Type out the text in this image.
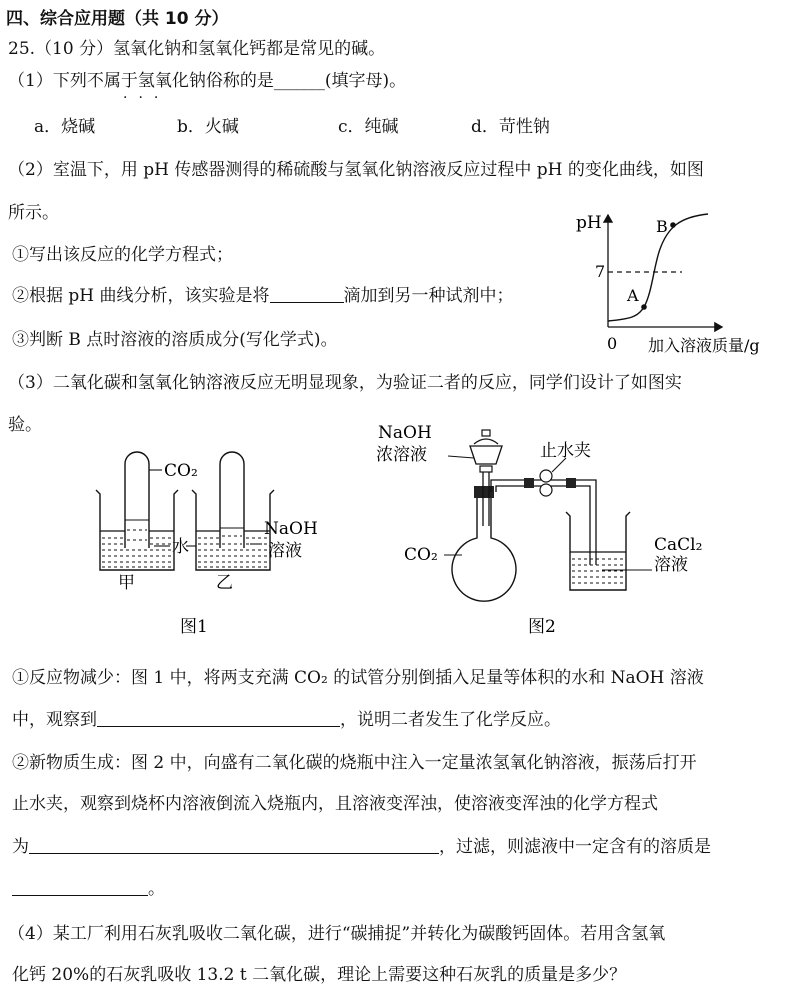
四、综合应用题（共 10 分）
25.（10 分）氢氧化钠和氢氧化钙都是常见的碱。
（1）下列不属于氢氧化钠俗称的是______(填字母)。
···
a．烧碱	b．火碱	c．纯碱	d．苛性钠
（2）室温下，用 pH 传感器测得的稀硫酸与氢氧化钠溶液反应过程中 pH 的变化曲线，如图
所示。
①写出该反应的化学方程式；
②根据 pH 曲线分析，该实验是将	滴加到另一种试剂中；
③判断 B 点时溶液的溶质成分(写化学式)。
pH
0 加入溶液质量/g
7
A
B
（3）二氧化碳和氢氧化钠溶液反应无明显现象，为验证二者的反应，同学们设计了如图实
验。
CO₂
水
NaOH
溶液
甲	乙
图1
NaOH
浓溶液	止水夹
CO₂	CaCl₂
溶液
图2
①反应物减少：图 1 中，将两支充满 CO₂ 的试管分别倒插入足量等体积的水和 NaOH 溶液
中，观察到	，说明二者发生了化学反应。
②新物质生成：图 2 中，向盛有二氧化碳的烧瓶中注入一定量浓氢氧化钠溶液，振荡后打开
止水夹，观察到烧杯内溶液倒流入烧瓶内，且溶液变浑浊，使溶液变浑浊的化学方程式
为	，过滤，则滤液中一定含有的溶质是
。
（4）某工厂利用石灰乳吸收二氧化碳，进行“碳捕捉”并转化为碳酸钙固体。若用含氢氧
化钙 20%的石灰乳吸收 13.2 t 二氧化碳，理论上需要这种石灰乳的质量是多少？
